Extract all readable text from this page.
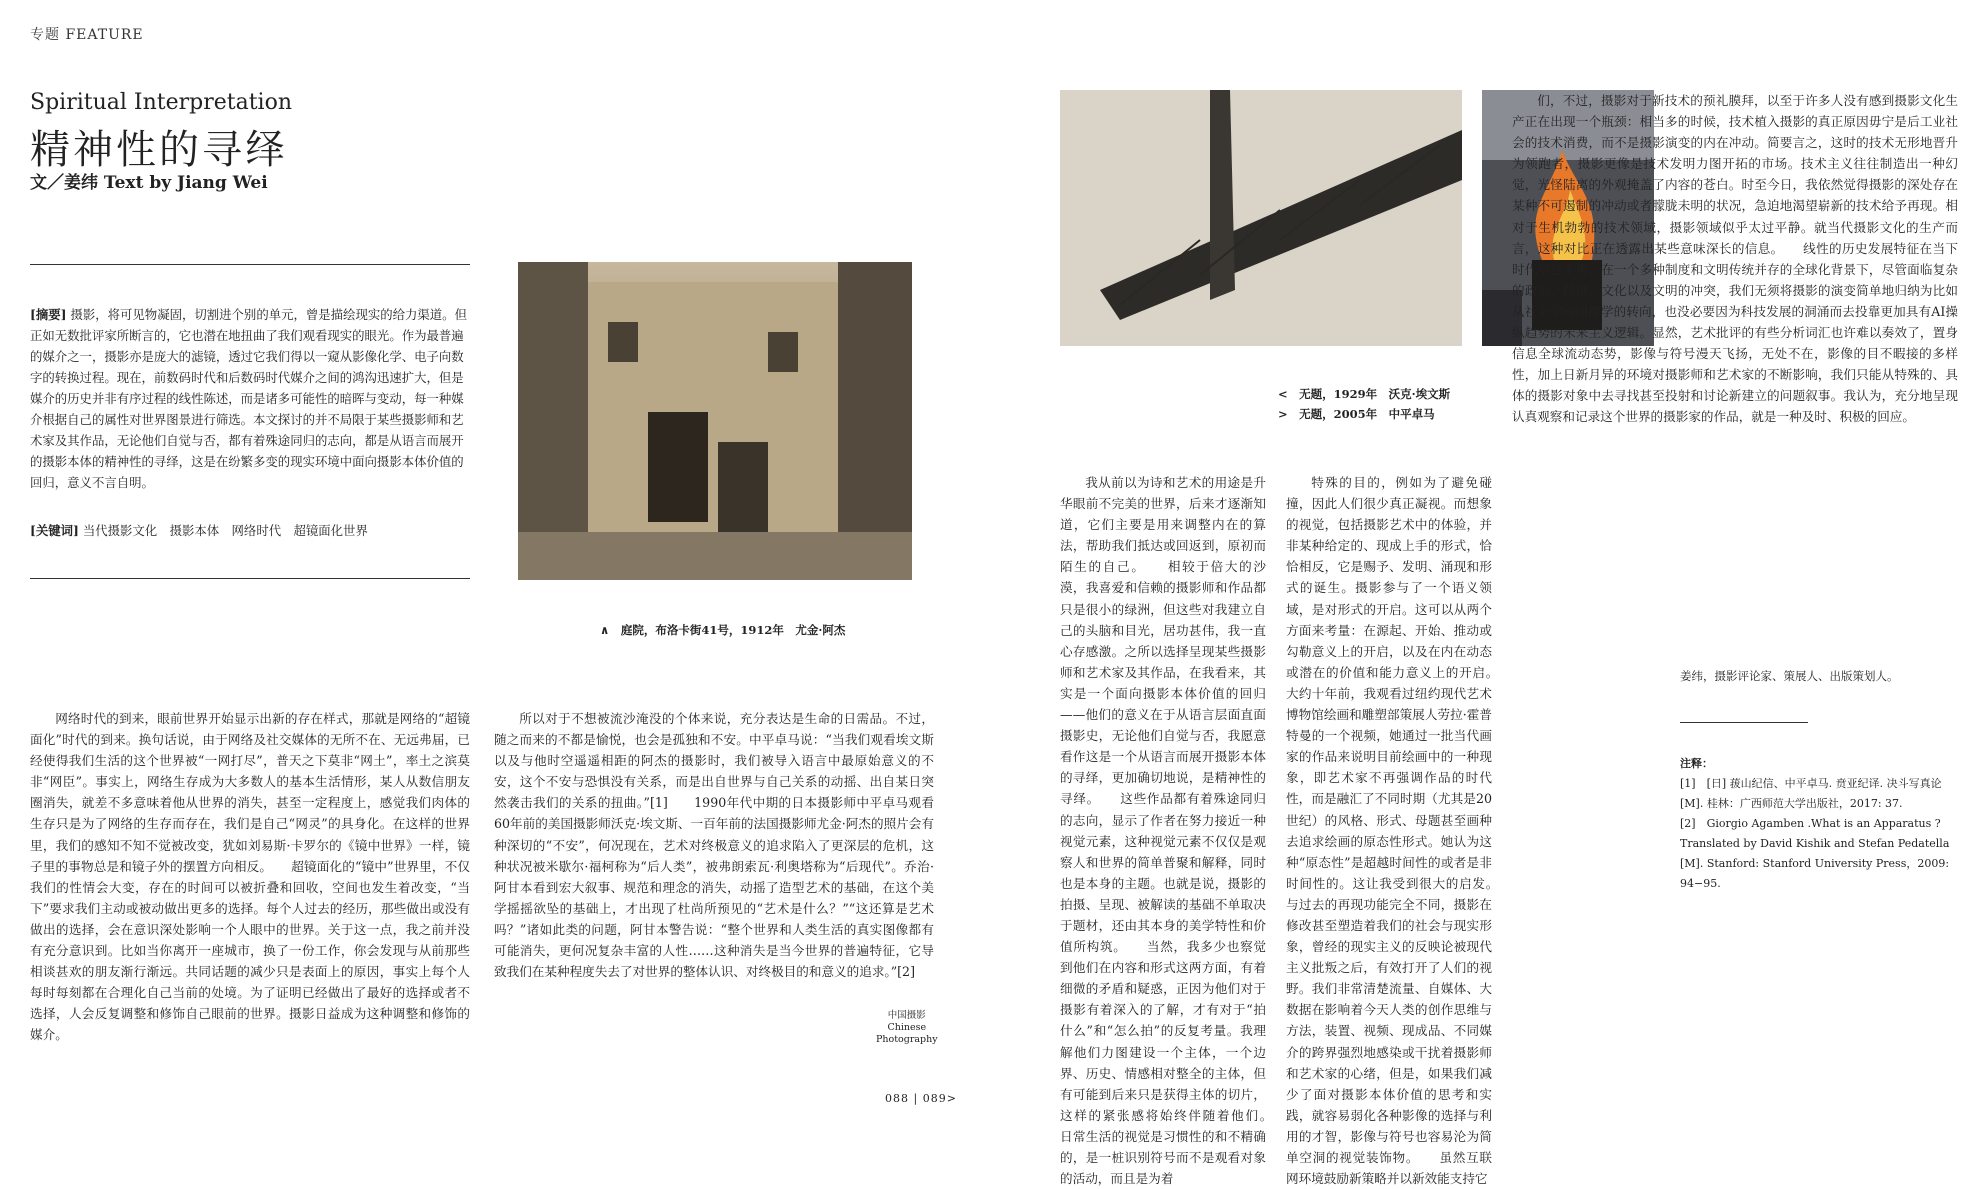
专题 FEATURE
Spiritual Interpretation
精神性的寻绎
文／姜纬 Text by Jiang Wei
[摘要] 摄影，将可见物凝固，切割进个别的单元，曾是描绘现实的给力渠道。但正如无数批评家所断言的，它也潜在地扭曲了我们观看现实的眼光。作为最普遍的媒介之一，摄影亦是庞大的滤镜，透过它我们得以一窥从影像化学、电子向数字的转换过程。现在，前数码时代和后数码时代媒介之间的鸿沟迅速扩大，但是媒介的历史并非有序过程的线性陈述，而是诸多可能性的暗晖与变动，每一种媒介根据自己的属性对世界图景进行筛选。本文探讨的并不局限于某些摄影师和艺术家及其作品，无论他们自觉与否，都有着殊途同归的志向，都是从语言而展开的摄影本体的精神性的寻绎，这是在纷繁多变的现实环境中面向摄影本体价值的回归，意义不言自明。
[关键词] 当代摄影文化　摄影本体　网络时代　超镜面化世界
∧　庭院，布洛卡街41号，1912年　尤金·阿杰
<　无题，1929年　沃克·埃文斯
>　无题，2005年　中平卓马
网络时代的到来，眼前世界开始显示出新的存在样式，那就是网络的“超镜面化”时代的到来。换句话说，由于网络及社交媒体的无所不在、无远弗届，已经使得我们生活的这个世界被“一网打尽”，普天之下莫非“网土”，率土之滨莫非“网臣”。事实上，网络生存成为大多数人的基本生活情形，某人从数信朋友圈消失，就差不多意味着他从世界的消失，甚至一定程度上，感觉我们肉体的生存只是为了网络的生存而存在，我们是自己“网灵”的具身化。在这样的世界里，我们的感知不知不觉被改变，犹如刘易斯·卡罗尔的《镜中世界》一样，镜子里的事物总是和镜子外的摆置方向相反。　　超镜面化的“镜中”世界里，不仅我们的性情会大变，存在的时间可以被折叠和回收，空间也发生着改变，“当下”要求我们主动或被动做出更多的选择。每个人过去的经历，那些做出或没有做出的选择，会在意识深处影响一个人眼中的世界。关于这一点，我之前并没有充分意识到。比如当你离开一座城市，换了一份工作，你会发现与从前那些相谈甚欢的朋友渐行渐远。共同话题的减少只是表面上的原因，事实上每个人每时每刻都在合理化自己当前的处境。为了证明已经做出了最好的选择或者不选择，人会反复调整和修饰自己眼前的世界。摄影日益成为这种调整和修饰的媒介。
所以对于不想被流沙淹没的个体来说，充分表达是生命的日需品。不过，随之而来的不都是愉悦，也会是孤独和不安。中平卓马说：“当我们观看埃文斯以及与他时空遥遥相距的阿杰的摄影时，我们被导入语言中最原始意义的不安，这个不安与恐惧没有关系，而是出自世界与自己关系的动摇、出自某日突然袭击我们的关系的扭曲。”[1]　　1990年代中期的日本摄影师中平卓马观看60年前的美国摄影师沃克·埃文斯、一百年前的法国摄影师尤金·阿杰的照片会有种深切的“不安”，何况现在，艺术对终极意义的追求陷入了更深层的危机，这种状况被米歇尔·福柯称为“后人类”，被弗朗索瓦·利奥塔称为“后现代”。乔治·阿甘本看到宏大叙事、规范和理念的消失，动摇了造型艺术的基础，在这个美学摇摇欲坠的基础上，才出现了杜尚所预见的“艺术是什么？”“这还算是艺术吗？”诸如此类的问题，阿甘本警告说：“整个世界和人类生活的真实图像都有可能消失，更何况复杂丰富的人性……这种消失是当今世界的普遍特征，它导致我们在某种程度失去了对世界的整体认识、对终极目的和意义的追求。”[2]
中国摄影
Chinese
Photography
我从前以为诗和艺术的用途是升华眼前不完美的世界，后来才逐渐知道，它们主要是用来调整内在的算法，帮助我们抵达或回返到，原初而陌生的自己。　　相较于倍大的沙漠，我喜爱和信赖的摄影师和作品都只是很小的绿洲，但这些对我建立自己的头脑和目光，居功甚伟，我一直心存感激。之所以选择呈现某些摄影师和艺术家及其作品，在我看来，其实是一个面向摄影本体价值的回归——他们的意义在于从语言层面直面摄影史，无论他们自觉与否，我愿意看作这是一个从语言而展开摄影本体的寻绎，更加确切地说，是精神性的寻绎。　　这些作品都有着殊途同归的志向，显示了作者在努力接近一种视觉元素，这种视觉元素不仅仅是观察人和世界的简单普聚和解释，同时也是本身的主题。也就是说，摄影的拍摄、呈现、被解读的基础不单取决于题材，还由其本身的美学特性和价值所构筑。　　当然，我多少也察觉到他们在内容和形式这两方面，有着细微的矛盾和疑惑，正因为他们对于摄影有着深入的了解，才有对于“拍什么”和“怎么拍”的反复考量。我理解他们力图建设一个主体，一个边界、历史、情感相对整全的主体，但有可能到后来只是获得主体的切片，这样的紧张感将始终伴随着他们。　　日常生活的视觉是习惯性的和不精确的，是一桩识别符号而不是观看对象的活动，而且是为着
特殊的目的，例如为了避免碰撞，因此人们很少真正凝视。而想象的视觉，包括摄影艺术中的体验，并非某种给定的、现成上手的形式，恰恰相反，它是赐予、发明、涌现和形式的诞生。摄影参与了一个语义领域，是对形式的开启。这可以从两个方面来考量：在源起、开始、推动或勾勒意义上的开启，以及在内在动态或潜在的价值和能力意义上的开启。　　大约十年前，我观看过纽约现代艺术博物馆绘画和雕塑部策展人劳拉·霍普特曼的一个视频，她通过一批当代画家的作品来说明目前绘画中的一种现象，即艺术家不再强调作品的时代性，而是融汇了不同时期（尤其是20世纪）的风格、形式、母题甚至画种去追求绘画的原态性形式。她认为这种“原态性”是超越时间性的或者是非时间性的。这让我受到很大的启发。　　与过去的再现功能完全不同，摄影在修改甚至塑造着我们的社会与现实形象，曾经的现实主义的反映论被现代主义批叛之后，有效打开了人们的视野。我们非常清楚流量、自媒体、大数据在影响着今天人类的创作思维与方法，装置、视频、现成品、不同媒介的跨界强烈地感染或干扰着摄影师和艺术家的心绪，但是，如果我们减少了面对摄影本体价值的思考和实践，就容易弱化各种影像的选择与利用的才智，影像与符号也容易沦为简单空洞的视觉装饰物。　　虽然互联网环境鼓励新策略并以新效能支持它
们，不过，摄影对于新技术的预礼膜拜，以至于许多人没有感到摄影文化生产正在出现一个瓶颈：相当多的时候，技术植入摄影的真正原因毋宁是后工业社会的技术消费，而不是摄影演变的内在冲动。简要言之，这时的技术无形地晋升为领跑者，摄影更像是技术发明力图开拓的市场。技术主义往往制造出一种幻觉，光怪陆离的外观掩盖了内容的苍白。时至今日，我依然觉得摄影的深处存在某种不可遏制的冲动或者朦胧未明的状况，急迫地渴望崭新的技术给予再现。相对于生机勃勃的技术领域，摄影领域似乎太过平静。就当代摄影文化的生产而言，这种对比正在透露出某些意味深长的信息。　　线性的历史发展特征在当下时代早已不再，在一个多种制度和文明传统并存的全球化背景下，尽管面临复杂的政治、经济、文化以及文明的冲突，我们无须将摄影的演变简单地归纳为比如从社会学向图像学的转向，也没必要因为科技发展的洞涌而去投靠更加具有AI操纵趋势的未来主义逻辑。显然，艺术批评的有些分析词汇也许难以奏效了，置身信息全球流动态势，影像与符号漫天飞扬，无处不在，影像的目不暇接的多样性，加上日新月异的环境对摄影师和艺术家的不断影响，我们只能从特殊的、具体的摄影对象中去寻找甚至投射和讨论新建立的问题叙事。我认为，充分地呈现认真观察和记录这个世界的摄影家的作品，就是一种及时、积极的回应。
姜纬，摄影评论家、策展人、出版策划人。
注释：
[1]　[日] 菝山纪信、中平卓马. 贲亚纪译. 决斗写真论 [M]. 桂林：广西师范大学出版社，2017: 37.
[2]　Giorgio Agamben .What is an Apparatus ?　Translated by David Kishik and Stefan Pedatella [M]. Stanford: Stanford University Press，2009: 94−95.
088 | 089>
